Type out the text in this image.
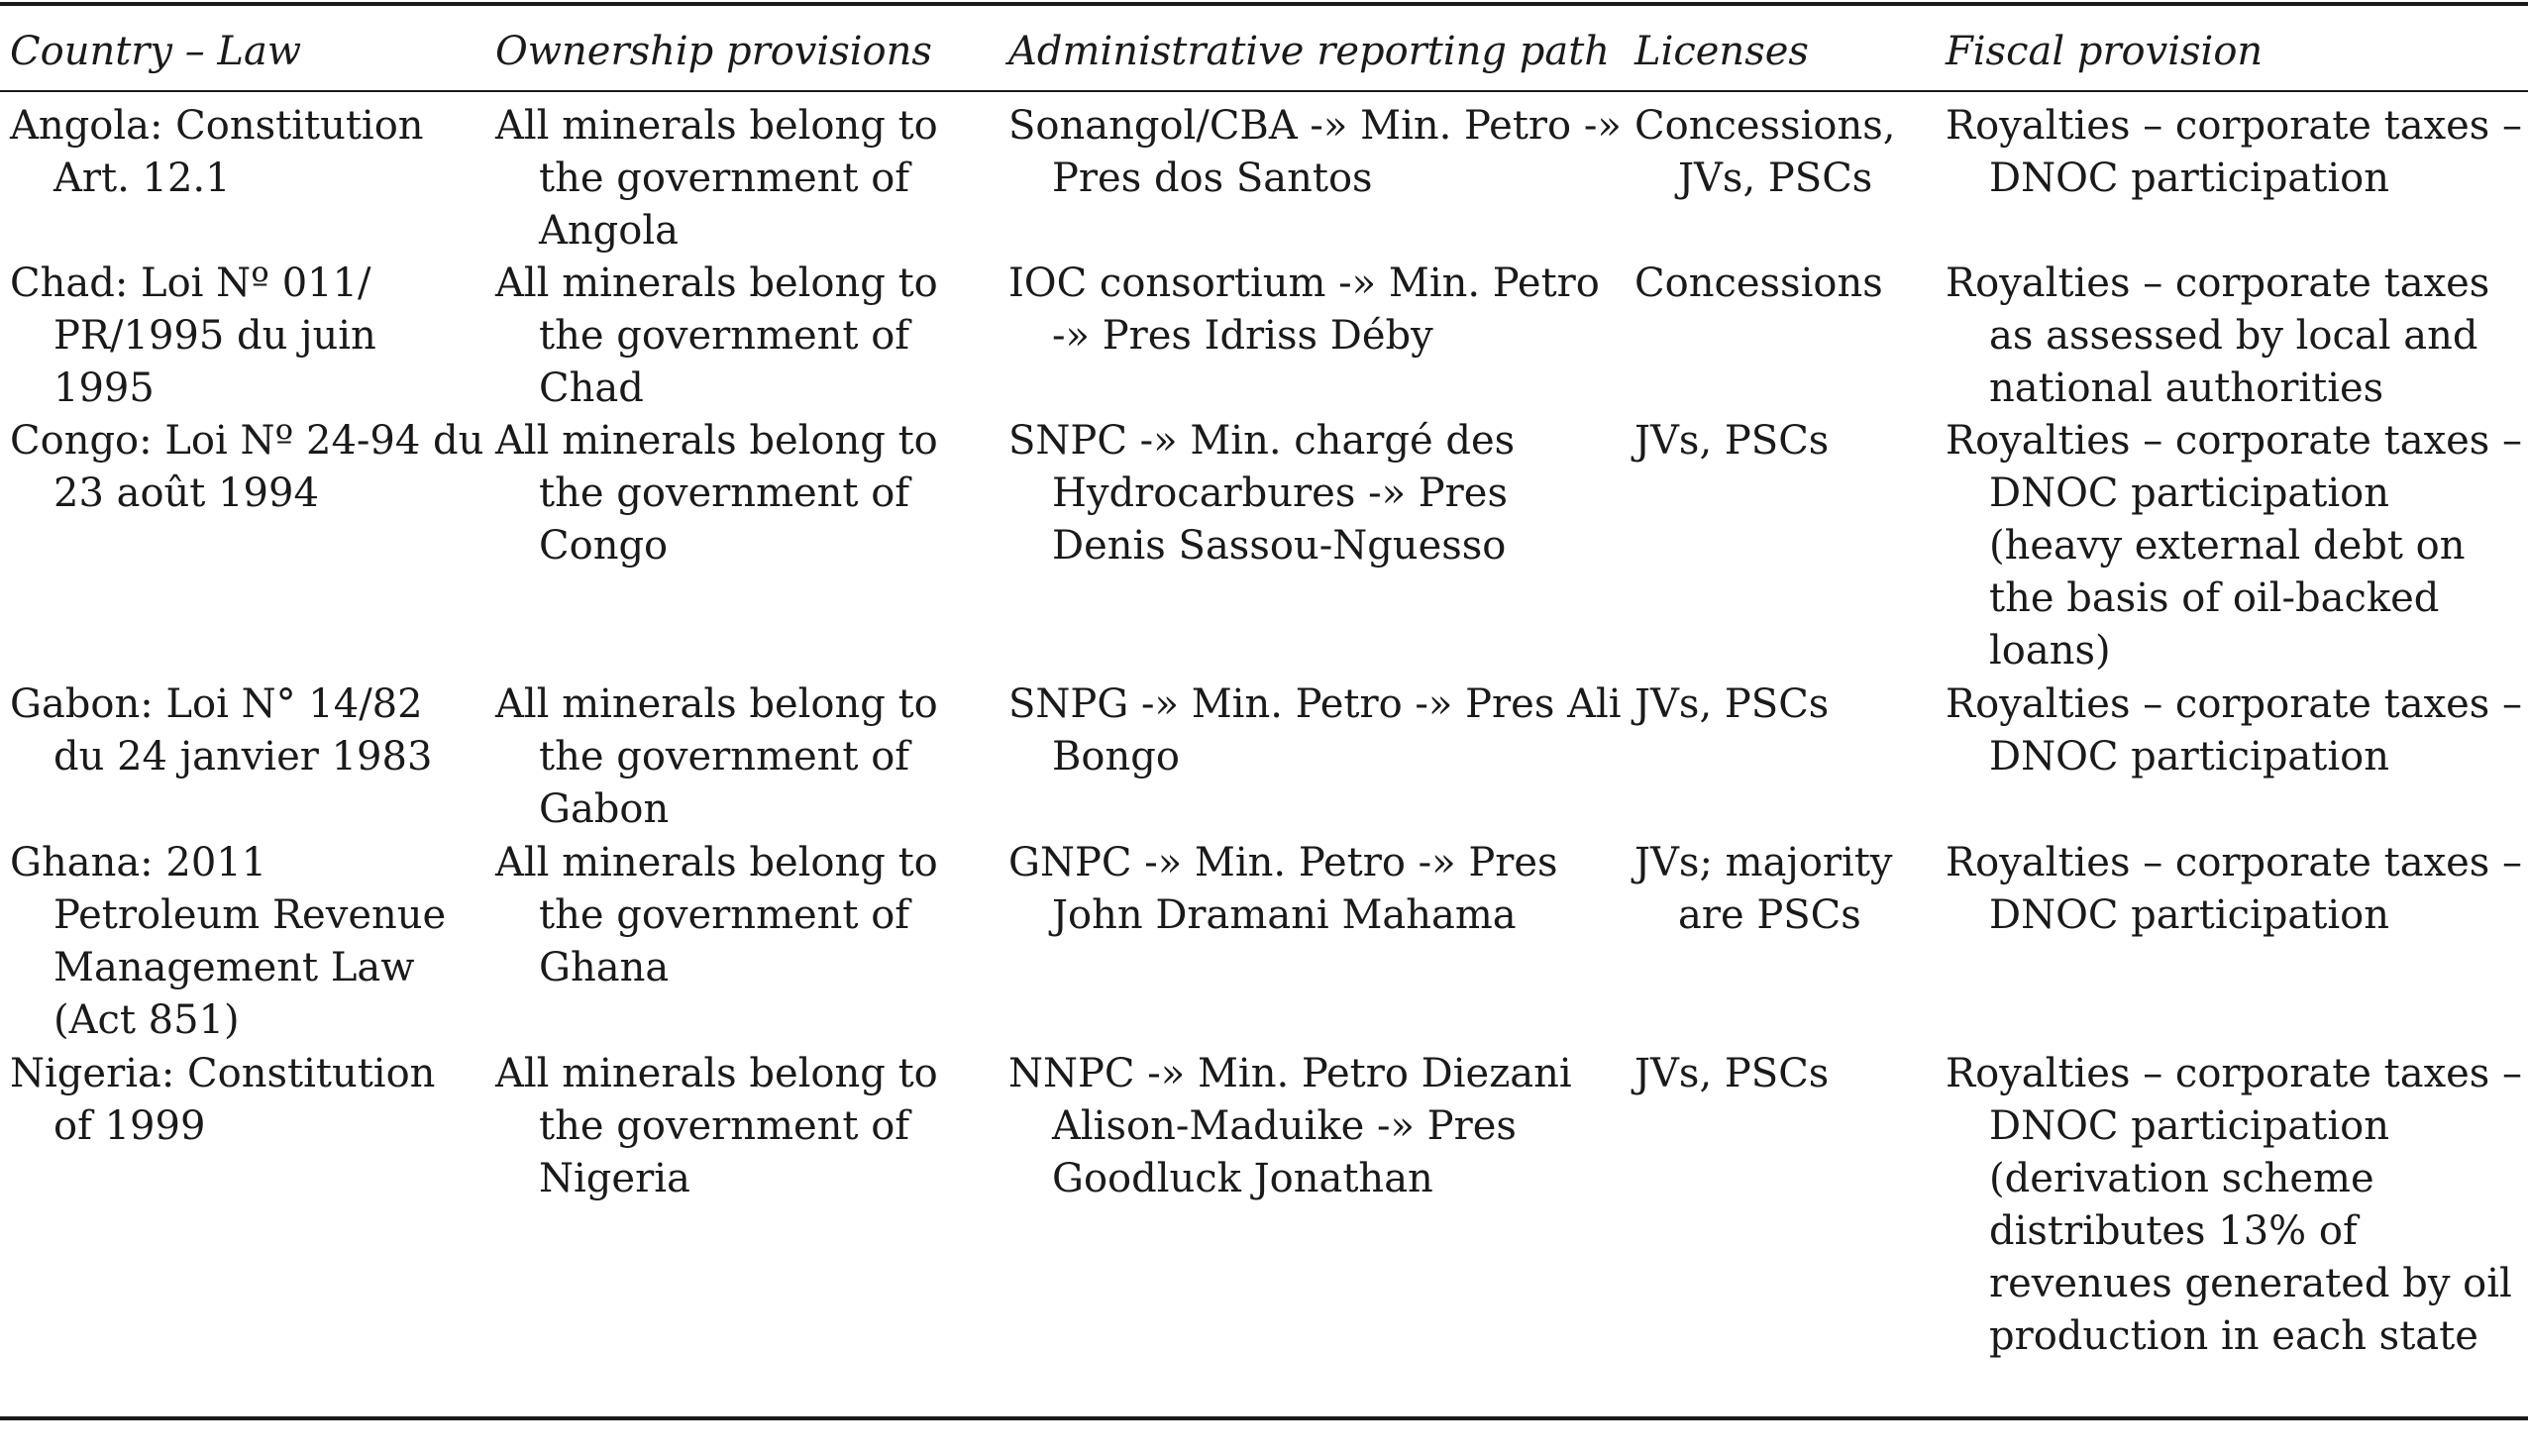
Country – Law	Ownership provisions	Administrative reporting path	Licenses	Fiscal provision

Angola: Constitution Art. 12.1	All minerals belong to the government of Angola	Sonangol/CBA -» Min. Petro -» Pres dos Santos	Concessions, JVs, PSCs	Royalties – corporate taxes – DNOC participation

Chad: Loi Nº 011/ PR/1995 du juin 1995	All minerals belong to the government of Chad	IOC consortium -» Min. Petro -» Pres Idriss Déby	Concessions	Royalties – corporate taxes as assessed by local and national authorities

Congo: Loi Nº 24-94 du 23 août 1994	All minerals belong to the government of Congo	SNPC -» Min. chargé des Hydrocarbures -» Pres Denis Sassou-Nguesso	JVs, PSCs	Royalties – corporate taxes – DNOC participation (heavy external debt on the basis of oil-backed loans)

Gabon: Loi N° 14/82 du 24 janvier 1983	All minerals belong to the government of Gabon	SNPG -» Min. Petro -» Pres Ali Bongo	JVs, PSCs	Royalties – corporate taxes – DNOC participation

Ghana: 2011 Petroleum Revenue Management Law (Act 851)	All minerals belong to the government of Ghana	GNPC -» Min. Petro -» Pres John Dramani Mahama	JVs; majority are PSCs	Royalties – corporate taxes – DNOC participation

Nigeria: Constitution of 1999	All minerals belong to the government of Nigeria	NNPC -» Min. Petro Diezani Alison-Maduike -» Pres Goodluck Jonathan	JVs, PSCs	Royalties – corporate taxes – DNOC participation (derivation scheme distributes 13% of revenues generated by oil production in each state
